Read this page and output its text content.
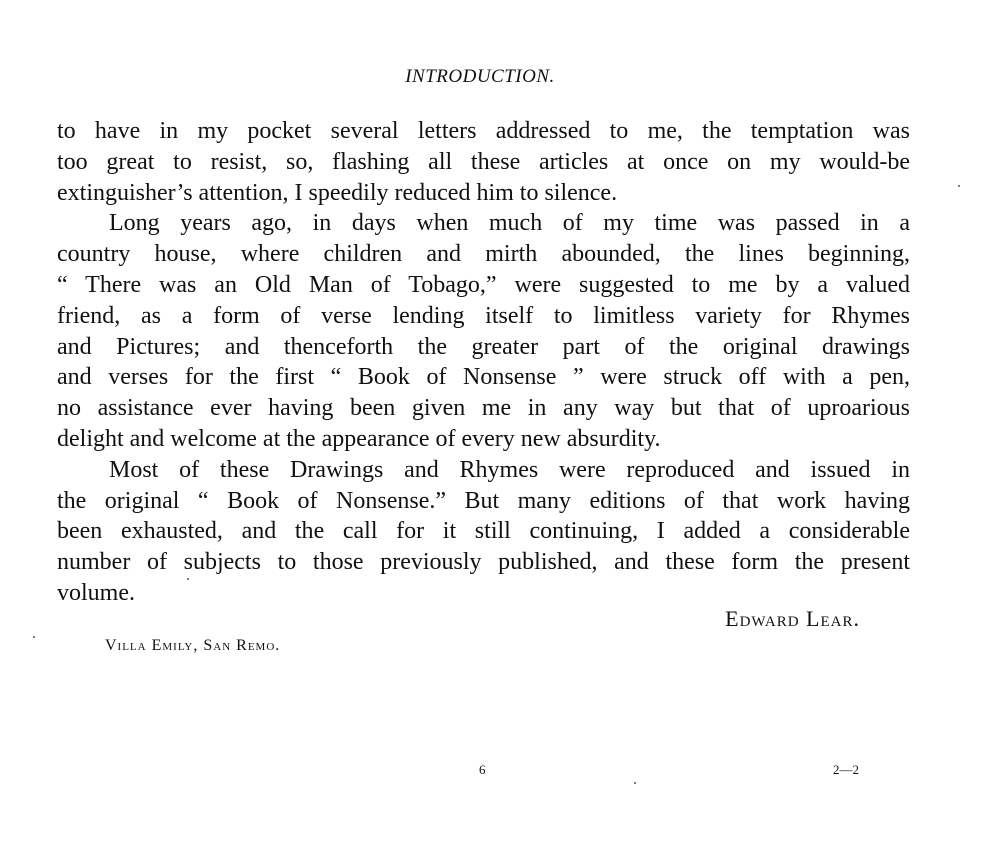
INTRODUCTION.
to have in my pocket several letters addressed to me, the temptation was
too great to resist, so, flashing all these articles at once on my would-be
extinguisher’s attention, I speedily reduced him to silence.
Long years ago, in days when much of my time was passed in a
country house, where children and mirth abounded, the lines beginning,
“ There was an Old Man of Tobago,” were suggested to me by a valued
friend, as a form of verse lending itself to limitless variety for Rhymes
and Pictures; and thenceforth the greater part of the original drawings
and verses for the first “ Book of Nonsense ” were struck off with a pen,
no assistance ever having been given me in any way but that of uproarious
delight and welcome at the appearance of every new absurdity.
Most of these Drawings and Rhymes were reproduced and issued in
the original “ Book of Nonsense.” But many editions of that work having
been exhausted, and the call for it still continuing, I added a considerable
number of subjects to those previously published, and these form the present
volume.
Edward Lear.
Villa Emily, San Remo.
6	2—2
